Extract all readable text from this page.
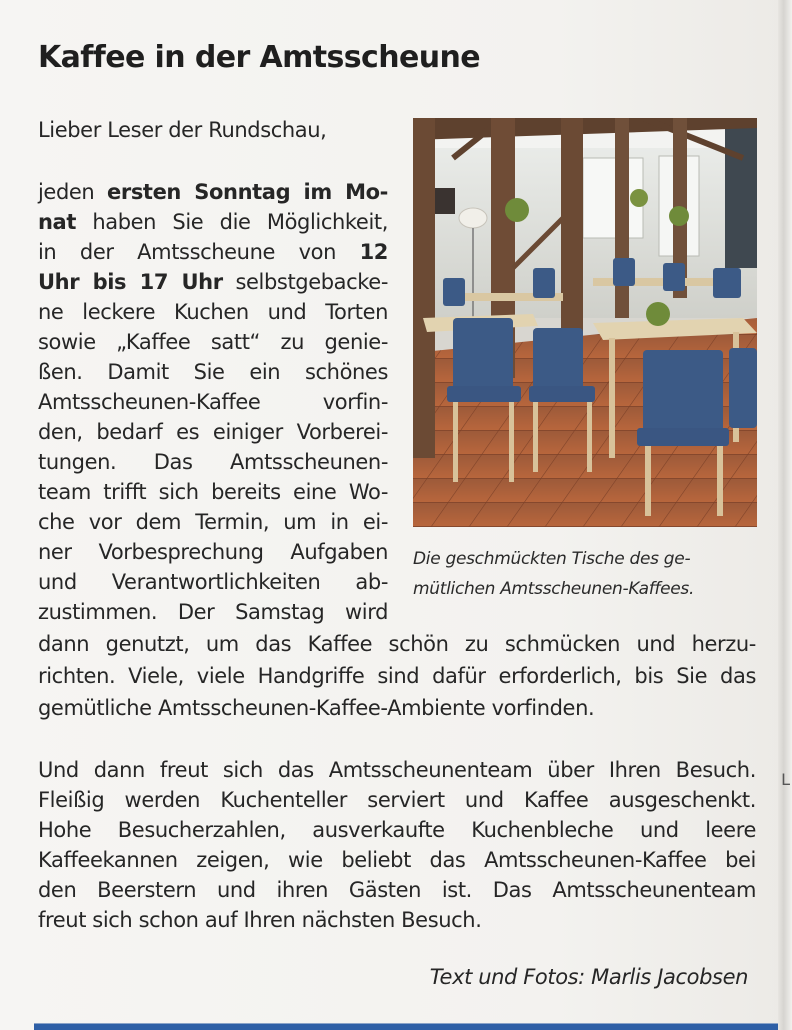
Kaffee in der Amtsscheune
Lieber Leser der Rundschau,
jeden ersten Sonntag im Mo-
nat haben Sie die Möglichkeit,
in der Amtsscheune von 12
Uhr bis 17 Uhr selbstgebacke-
ne leckere Kuchen und Torten
sowie „Kaffee satt“ zu genie-
ßen. Damit Sie ein schönes
Amtsscheunen-Kaffee vorfin-
den, bedarf es einiger Vorberei-
tungen. Das Amtsscheunen-
team trifft sich bereits eine Wo-
che vor dem Termin, um in ei-
ner Vorbesprechung Aufgaben
und Verantwortlichkeiten ab-
zustimmen. Der Samstag wird
dann genutzt, um das Kaffee schön zu schmücken und herzu-
richten. Viele, viele Handgriffe sind dafür erforderlich, bis Sie das
gemütliche Amtsscheunen-Kaffee-Ambiente vorfinden.
Und dann freut sich das Amtsscheunenteam über Ihren Besuch.
Fleißig werden Kuchenteller serviert und Kaffee ausgeschenkt.
Hohe Besucherzahlen, ausverkaufte Kuchenbleche und leere
Kaffeekannen zeigen, wie beliebt das Amtsscheunen-Kaffee bei
den Beerstern und ihren Gästen ist. Das Amtsscheunenteam
freut sich schon auf Ihren nächsten Besuch.
Die geschmückten Tische des ge-
mütlichen Amtsscheunen-Kaffees.
Text und Fotos: Marlis Jacobsen
L
